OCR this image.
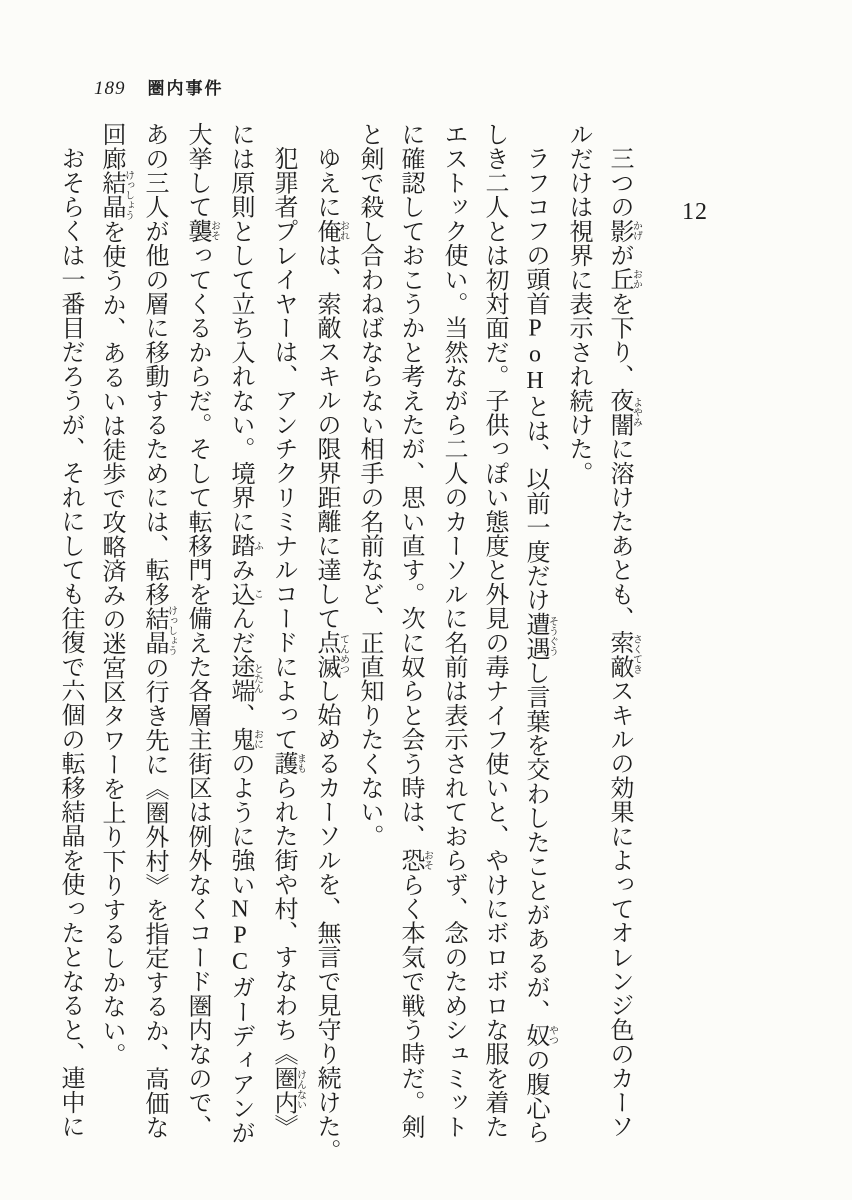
189 圏内事件
12

三つの影かげが丘おかを下り、夜闇よやみに溶けたあとも、索敵さくてきスキルの効果によってオレンジ色のカーソ

ルだけは視界に表示され続けた。

ラフコフの頭首PoHとは、以前一度だけ遭遇そうぐうし言葉を交わしたことがあるが、奴やつの腹心ら

しき二人とは初対面だ。子供っぽい態度と外見の毒ナイフ使いと、やけにボロボロな服を着た

エストック使い。当然ながら二人のカーソルに名前は表示されておらず、念のためシュミット

に確認しておこうかと考えたが、思い直す。次に奴らと会う時は、恐おそらく本気で戦う時だ。剣

と剣で殺し合わねばならない相手の名前など、正直知りたくない。

ゆえに俺おれは、索敵スキルの限界距離に達して点滅てんめつし始めるカーソルを、無言で見守り続けた。

犯罪者プレイヤーは、アンチクリミナルコードによって護まもられた街や村、すなわち《圏内けんない》

には原則として立ち入れない。境界に踏ふみ込こんだ途端とたん、鬼おにのように強いNPCガーディアンが

大挙して襲おそってくるからだ。そして転移門を備えた各層主街区は例外なくコード圏内なので、

あの三人が他の層に移動するためには、転移結晶けっしょうの行き先に《圏外村》を指定するか、高価な

回廊結晶けっしょうを使うか、あるいは徒歩で攻略済みの迷宮区タワーを上り下りするしかない。

おそらくは一番目だろうが、それにしても往復で六個の転移結晶を使ったとなると、連中に
